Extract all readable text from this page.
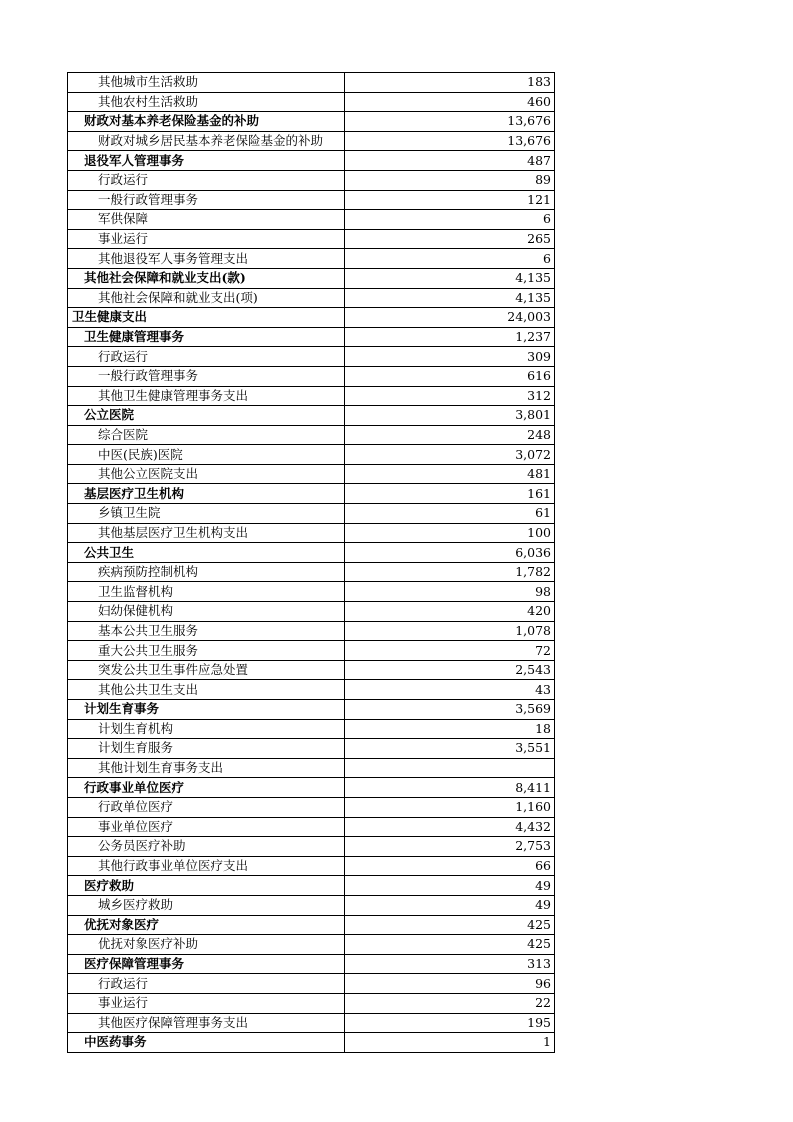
其他城市生活救助	183
其他农村生活救助	460
财政对基本养老保险基金的补助	13,676
财政对城乡居民基本养老保险基金的补助	13,676
退役军人管理事务	487
行政运行	89
一般行政管理事务	121
军供保障	6
事业运行	265
其他退役军人事务管理支出	6
其他社会保障和就业支出(款)	4,135
其他社会保障和就业支出(项)	4,135
卫生健康支出	24,003
卫生健康管理事务	1,237
行政运行	309
一般行政管理事务	616
其他卫生健康管理事务支出	312
公立医院	3,801
综合医院	248
中医(民族)医院	3,072
其他公立医院支出	481
基层医疗卫生机构	161
乡镇卫生院	61
其他基层医疗卫生机构支出	100
公共卫生	6,036
疾病预防控制机构	1,782
卫生监督机构	98
妇幼保健机构	420
基本公共卫生服务	1,078
重大公共卫生服务	72
突发公共卫生事件应急处置	2,543
其他公共卫生支出	43
计划生育事务	3,569
计划生育机构	18
计划生育服务	3,551
其他计划生育事务支出	
行政事业单位医疗	8,411
行政单位医疗	1,160
事业单位医疗	4,432
公务员医疗补助	2,753
其他行政事业单位医疗支出	66
医疗救助	49
城乡医疗救助	49
优抚对象医疗	425
优抚对象医疗补助	425
医疗保障管理事务	313
行政运行	96
事业运行	22
其他医疗保障管理事务支出	195
中医药事务	1
